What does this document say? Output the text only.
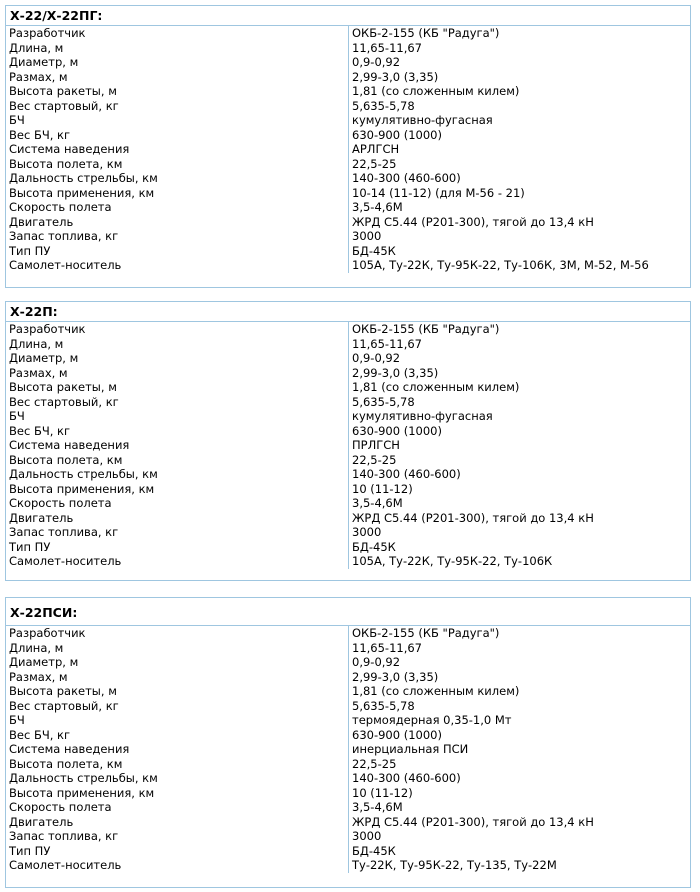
Х-22/Х-22ПГ:
Разработчик	ОКБ-2-155 (КБ "Радуга")
Длина, м	11,65-11,67
Диаметр, м	0,9-0,92
Размах, м	2,99-3,0 (3,35)
Высота ракеты, м	1,81 (со сложенным килем)
Вес стартовый, кг	5,635-5,78
БЧ	кумулятивно-фугасная
Вес БЧ, кг	630-900 (1000)
Система наведения	АРЛГСН
Высота полета, км	22,5-25
Дальность стрельбы, км	140-300 (460-600)
Высота применения, км	10-14 (11-12) (для М-56 - 21)
Скорость полета	3,5-4,6М
Двигатель	ЖРД С5.44 (Р201-300), тягой до 13,4 кН
Запас топлива, кг	3000
Тип ПУ	БД-45К
Самолет-носитель	105А, Ту-22К, Ту-95К-22, Ту-106К, 3М, М-52, М-56
Х-22П:
Разработчик	ОКБ-2-155 (КБ "Радуга")
Длина, м	11,65-11,67
Диаметр, м	0,9-0,92
Размах, м	2,99-3,0 (3,35)
Высота ракеты, м	1,81 (со сложенным килем)
Вес стартовый, кг	5,635-5,78
БЧ	кумулятивно-фугасная
Вес БЧ, кг	630-900 (1000)
Система наведения	ПРЛГСН
Высота полета, км	22,5-25
Дальность стрельбы, км	140-300 (460-600)
Высота применения, км	10 (11-12)
Скорость полета	3,5-4,6М
Двигатель	ЖРД С5.44 (Р201-300), тягой до 13,4 кН
Запас топлива, кг	3000
Тип ПУ	БД-45К
Самолет-носитель	105А, Ту-22К, Ту-95К-22, Ту-106К
Х-22ПСИ:
Разработчик	ОКБ-2-155 (КБ "Радуга")
Длина, м	11,65-11,67
Диаметр, м	0,9-0,92
Размах, м	2,99-3,0 (3,35)
Высота ракеты, м	1,81 (со сложенным килем)
Вес стартовый, кг	5,635-5,78
БЧ	термоядерная 0,35-1,0 Мт
Вес БЧ, кг	630-900 (1000)
Система наведения	инерциальная ПСИ
Высота полета, км	22,5-25
Дальность стрельбы, км	140-300 (460-600)
Высота применения, км	10 (11-12)
Скорость полета	3,5-4,6М
Двигатель	ЖРД С5.44 (Р201-300), тягой до 13,4 кН
Запас топлива, кг	3000
Тип ПУ	БД-45К
Самолет-носитель	Ту-22К, Ту-95К-22, Ту-135, Ту-22М
